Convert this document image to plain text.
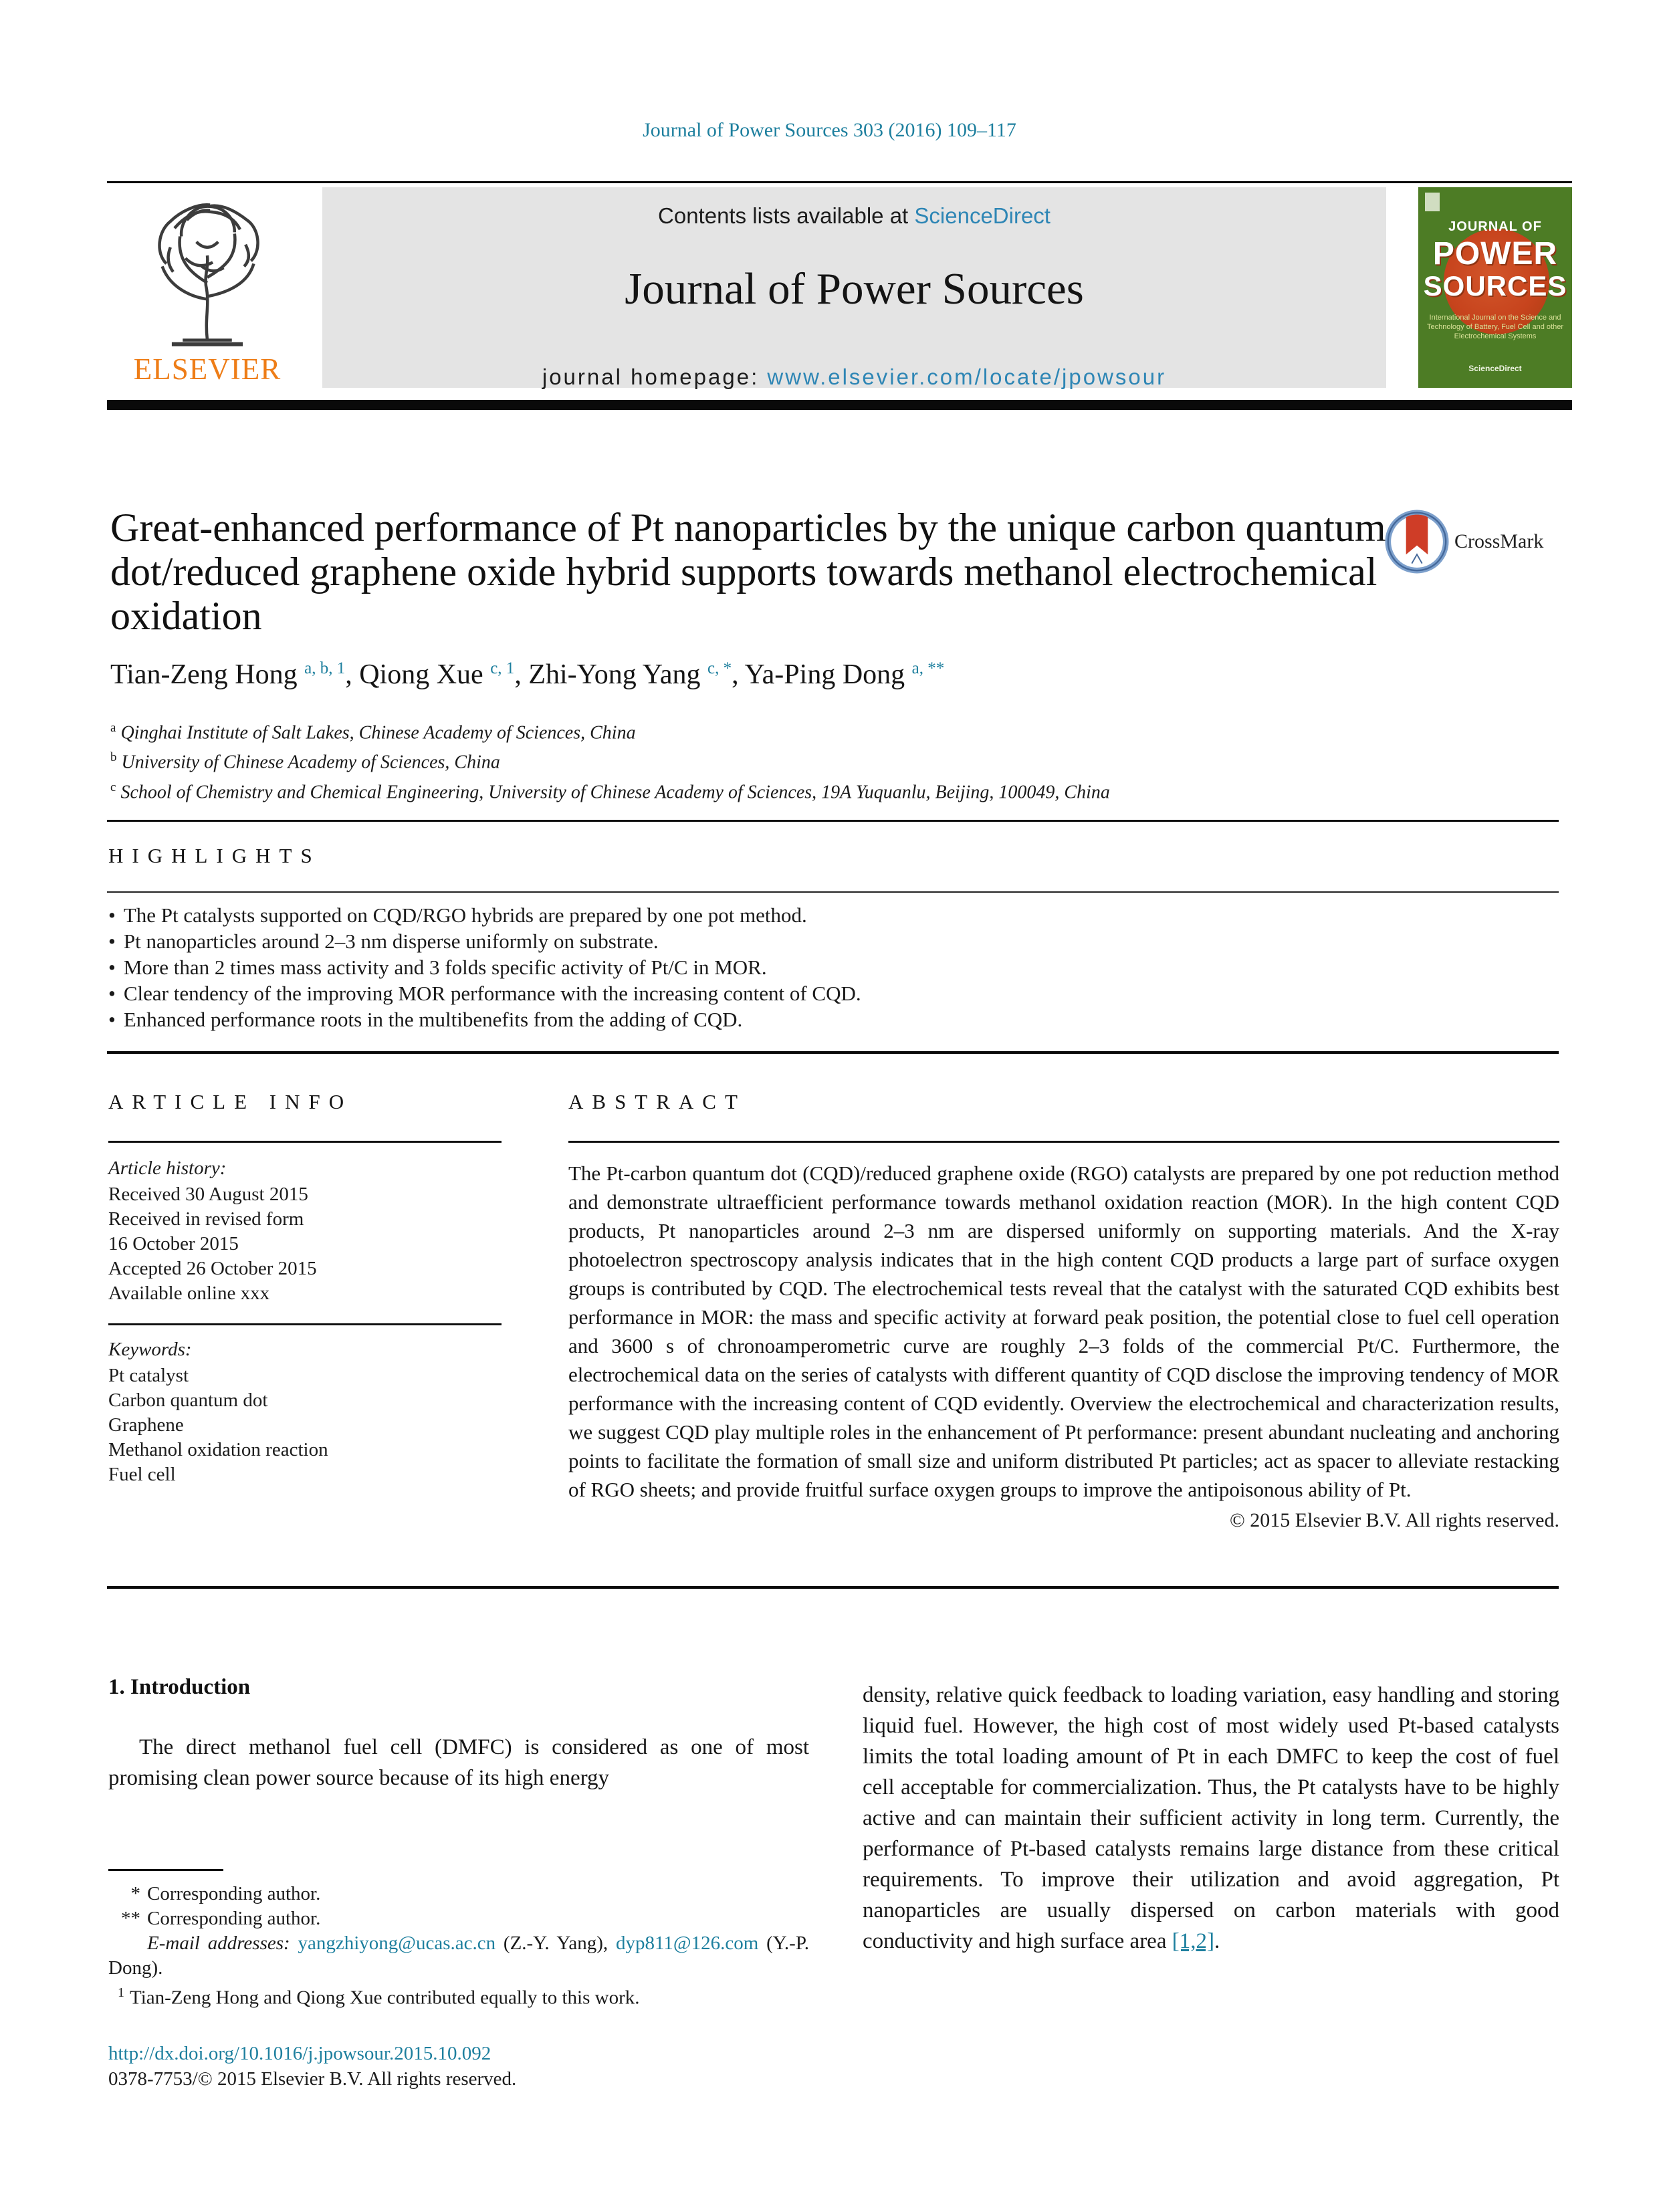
Journal of Power Sources 303 (2016) 109–117
ELSEVIER
Contents lists available at ScienceDirect
Journal of Power Sources
journal homepage: www.elsevier.com/locate/jpowsour
JOURNAL OF
POWER
SOURCES
International Journal on the Science and Technology of Battery, Fuel Cell and other Electrochemical Systems
ScienceDirect
Great-enhanced performance of Pt nanoparticles by the unique carbon quantum dot/reduced graphene oxide hybrid supports towards methanol electrochemical oxidation
CrossMark
Tian-Zeng Hong $^{a, b, 1}$, Qiong Xue $^{c, 1}$, Zhi-Yong Yang $^{c, *}$, Ya-Ping Dong $^{a, **}$
$^a$ Qinghai Institute of Salt Lakes, Chinese Academy of Sciences, China
$^b$ University of Chinese Academy of Sciences, China
$^c$ School of Chemistry and Chemical Engineering, University of Chinese Academy of Sciences, 19A Yuquanlu, Beijing, 100049, China
HIGHLIGHTS
• The Pt catalysts supported on CQD/RGO hybrids are prepared by one pot method.
• Pt nanoparticles around 2–3 nm disperse uniformly on substrate.
• More than 2 times mass activity and 3 folds specific activity of Pt/C in MOR.
• Clear tendency of the improving MOR performance with the increasing content of CQD.
• Enhanced performance roots in the multibenefits from the adding of CQD.
ARTICLE INFO
Article history:
Received 30 August 2015
Received in revised form
16 October 2015
Accepted 26 October 2015
Available online xxx
Keywords:
Pt catalyst
Carbon quantum dot
Graphene
Methanol oxidation reaction
Fuel cell
ABSTRACT

The Pt-carbon quantum dot (CQD)/reduced graphene oxide (RGO) catalysts are prepared by one pot reduction method and demonstrate ultraefficient performance towards methanol oxidation reaction (MOR). In the high content CQD products, Pt nanoparticles around 2–3 nm are dispersed uniformly on supporting materials. And the X-ray photoelectron spectroscopy analysis indicates that in the high content CQD products a large part of surface oxygen groups is contributed by CQD. The electrochemical tests reveal that the catalyst with the saturated CQD exhibits best performance in MOR: the mass and specific activity at forward peak position, the potential close to fuel cell operation and 3600 s of chronoamperometric curve are roughly 2–3 folds of the commercial Pt/C. Furthermore, the electrochemical data on the series of catalysts with different quantity of CQD disclose the improving tendency of MOR performance with the increasing content of CQD evidently. Overview the electrochemical and characterization results, we suggest CQD play multiple roles in the enhancement of Pt performance: present abundant nucleating and anchoring points to facilitate the formation of small size and uniform distributed Pt particles; act as spacer to alleviate restacking of RGO sheets; and provide fruitful surface oxygen groups to improve the antipoisonous ability of Pt.

© 2015 Elsevier B.V. All rights reserved.
1. Introduction

The direct methanol fuel cell (DMFC) is considered as one of most promising clean power source because of its high energy

density, relative quick feedback to loading variation, easy handling and storing liquid fuel. However, the high cost of most widely used Pt-based catalysts limits the total loading amount of Pt in each DMFC to keep the cost of fuel cell acceptable for commercialization. Thus, the Pt catalysts have to be highly active and can maintain their sufficient activity in long term. Currently, the performance of Pt-based catalysts remains large distance from these critical requirements. To improve their utilization and avoid aggregation, Pt nanoparticles are usually dispersed on carbon materials with good conductivity and high surface area [1,2].

* Corresponding author.
** Corresponding author.
E-mail addresses: yangzhiyong@ucas.ac.cn (Z.-Y. Yang), dyp811@126.com (Y.-P. Dong).
$^1$ Tian-Zeng Hong and Qiong Xue contributed equally to this work.
http://dx.doi.org/10.1016/j.jpowsour.2015.10.092
0378-7753/© 2015 Elsevier B.V. All rights reserved.
